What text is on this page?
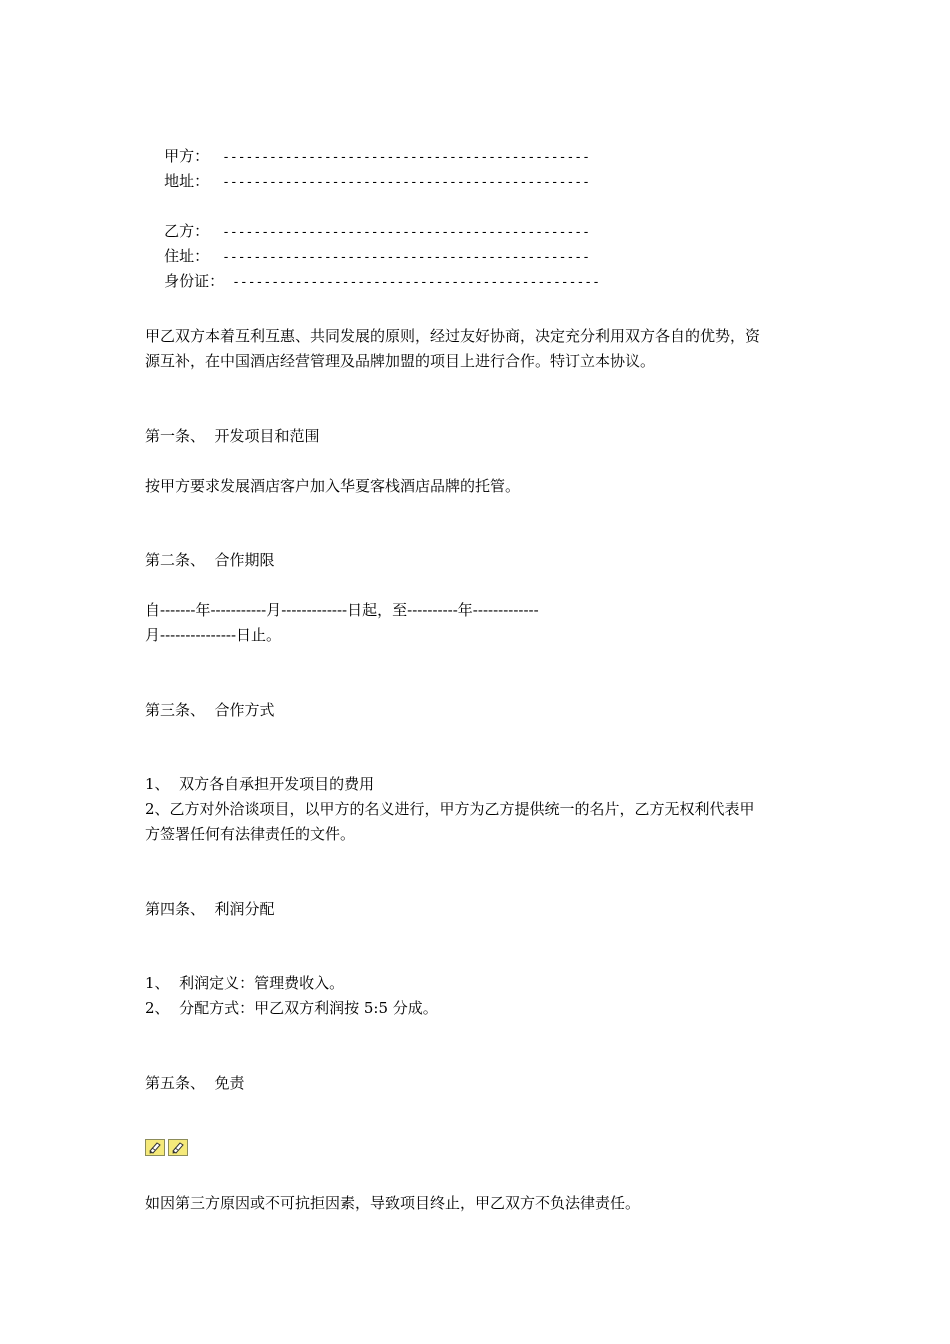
甲方： -----------------------------------------------

地址： -----------------------------------------------

乙方： -----------------------------------------------

住址： -----------------------------------------------

身份证： -----------------------------------------------

甲乙双方本着互利互惠、共同发展的原则，经过友好协商，决定充分利用双方各自的优势，资
源互补，在中国酒店经营管理及品牌加盟的项目上进行合作。特订立本协议。
第一条、  开发项目和范围
按甲方要求发展酒店客户加入华夏客栈酒店品牌的托管。
第二条、  合作期限
自-------年-----------月-------------日起，至----------年-------------
月---------------日止。
第三条、  合作方式
1、  双方各自承担开发项目的费用
2、乙方对外洽谈项目，以甲方的名义进行，甲方为乙方提供统一的名片，乙方无权利代表甲
方签署任何有法律责任的文件。
第四条、  利润分配
1、  利润定义：管理费收入。
2、  分配方式：甲乙双方利润按 5:5 分成。
第五条、  免责
如因第三方原因或不可抗拒因素，导致项目终止，甲乙双方不负法律责任。
